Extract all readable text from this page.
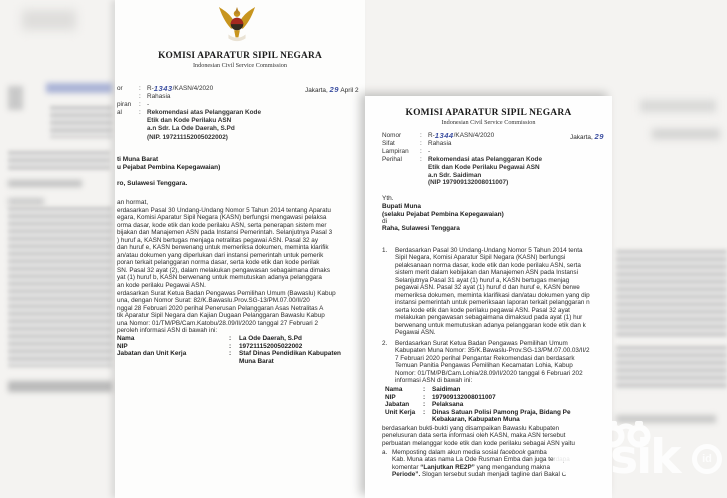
KOMISI APARATUR SIPIL NEGARA
Indonesian Civil Service Commission
or	: R- 1343 /KASN/4/2020
: Rahasia
piran	: -
al	: Rekomendasi atas Pelanggaran Kode
Etik dan Kode Perilaku ASN
a.n Sdr. La Ode Daerah, S.Pd
(NIP. 197211152005022002)
Jakarta, 29 April 2
ti Muna Barat
u Pejabat Pembina Kepegawaian)
ro, Sulawesi Tenggara.
an hormat,
erdasarkan Pasal 30 Undang-Undang Nomor 5 Tahun 2014 tentang Aparatu
egara, Komisi Aparatur Sipil Negara (KASN) berfungsi mengawasi pelaksa
orma dasar, kode etik dan kode perilaku ASN, serta penerapan sistem mer
bijakan dan Manajemen ASN pada Instansi Pemerintah. Selanjutnya Pasal 3
) huruf a, KASN bertugas menjaga netralitas pegawai ASN. Pasal 32 ay
dan huruf e, KASN berwenang untuk memeriksa dokumen, meminta klarifik
an/atau dokumen yang diperlukan dari instansi pemerintah untuk pemerik
poran terkait pelanggaran norma dasar, serta kode etik dan kode perilak
SN. Pasal 32 ayat (2), dalam melakukan pengawasan sebagaimana dimaks
yat (1) huruf b, KASN berwenang untuk memutuskan adanya pelanggara
an kode perilaku Pegawai ASN.
erdasarkan Surat Ketua Badan Pengawas Pemilihan Umum (Bawaslu) Kabup
una, dengan Nomor Surat: 82/K.Bawaslu.Prov.SG-13/PM.07.00/II/20
nggal 28 Februari 2020 perihal Penerusan Pelanggaran Asas Netralitas A
tik Aparatur Sipil Negara dan Kajian Dugaan Pelanggaran Bawaslu Kabup
una Nomor: 01/TM/PB/Cam.Katobu/28.09/II/2020 tanggal 27 Februari 2
peroleh informasi ASN di bawah ini:
Nama	:	La Ode Daerah, S.Pd
NIP	:	197211152005022002
Jabatan dan Unit Kerja	:	Staf Dinas Pendidikan Kabupaten
Muna Barat
KOMISI APARATUR SIPIL NEGARA
Indonesian Civil Service Commission
Nomor	: R- 1344 /KASN/4/2020
Sifat	: Rahasia
Lampiran	: -
Perihal	: Rekomendasi atas Pelanggaran Kode
Etik dan Kode Perilaku Pegawai ASN
a.n Sdr. Saidiman
(NIP 197909132008011007)
Jakarta, 29
Yth.
Bupati Muna
(selaku Pejabat Pembina Kepegawaian)
di
Raha, Sulawesi Tenggara
1. Berdasarkan Pasal 30 Undang-Undang Nomor 5 Tahun 2014 tenta
Sipil Negara, Komisi Aparatur Sipil Negara (KASN) berfungsi
pelaksanaan norma dasar, kode etik dan kode perilaku ASN, serta
sistem merit dalam kebijakan dan Manajemen ASN pada Instansi
Selanjutnya Pasal 31 ayat (1) huruf a, KASN bertugas menjag
pegawai ASN. Pasal 32 ayat (1) huruf d dan huruf e, KASN berwe
memeriksa dokumen, meminta klarifikasi dan/atau dokumen yang dip
instansi pemerintah untuk pemeriksaan laporan terkait pelanggaran n
serta kode etik dan kode perilaku pegawai ASN. Pasal 32 ayat
melakukan pengawasan sebagaimana dimaksud pada ayat (1) hur
berwenang untuk memutuskan adanya pelanggaran kode etik dan k
Pegawai ASN.
2. Berdasarkan Surat Ketua Badan Pengawas Pemilihan Umum
Kabupaten Muna Nomor: 35/K.Bawaslu-Prov.SG-13/PM.07.00.03/II/2
7 Februari 2020 perihal Pengantar Rekomendasi dan berdasark
Temuan Panitia Pengawas Pemilihan Kecamatan Lohia, Kabup
Nomor: 01/TM/PB/Cam.Lohia/28.09/II/2020 tanggal 6 Februari 202
informasi ASN di bawah ini:
Nama	:	Saidiman
NIP	:	197909132008011007
Jabatan	:	Pelaksana
Unit Kerja	:	Dinas Satuan Polisi Pamong Praja, Bidang Pe
Kebakaran, Kabupaten Muna
berdasarkan bukti-bukti yang disampaikan Bawaslu Kabupaten
penelusuran data serta informasi oleh KASN, maka ASN tersebut
perbuatan melanggar kode etik dan kode perilaku sebagai ASN yaitu
a. Memposting dalam akun media sosial facebook gamba
Kab. Muna atas nama La Ode Rusman Emba dan juga terdapa
komentar “Lanjutkan RE2P” yang mengandung makna
Periode”. Slogan tersebut sudah menjadi tagline dari Bakal C
elisik	id
